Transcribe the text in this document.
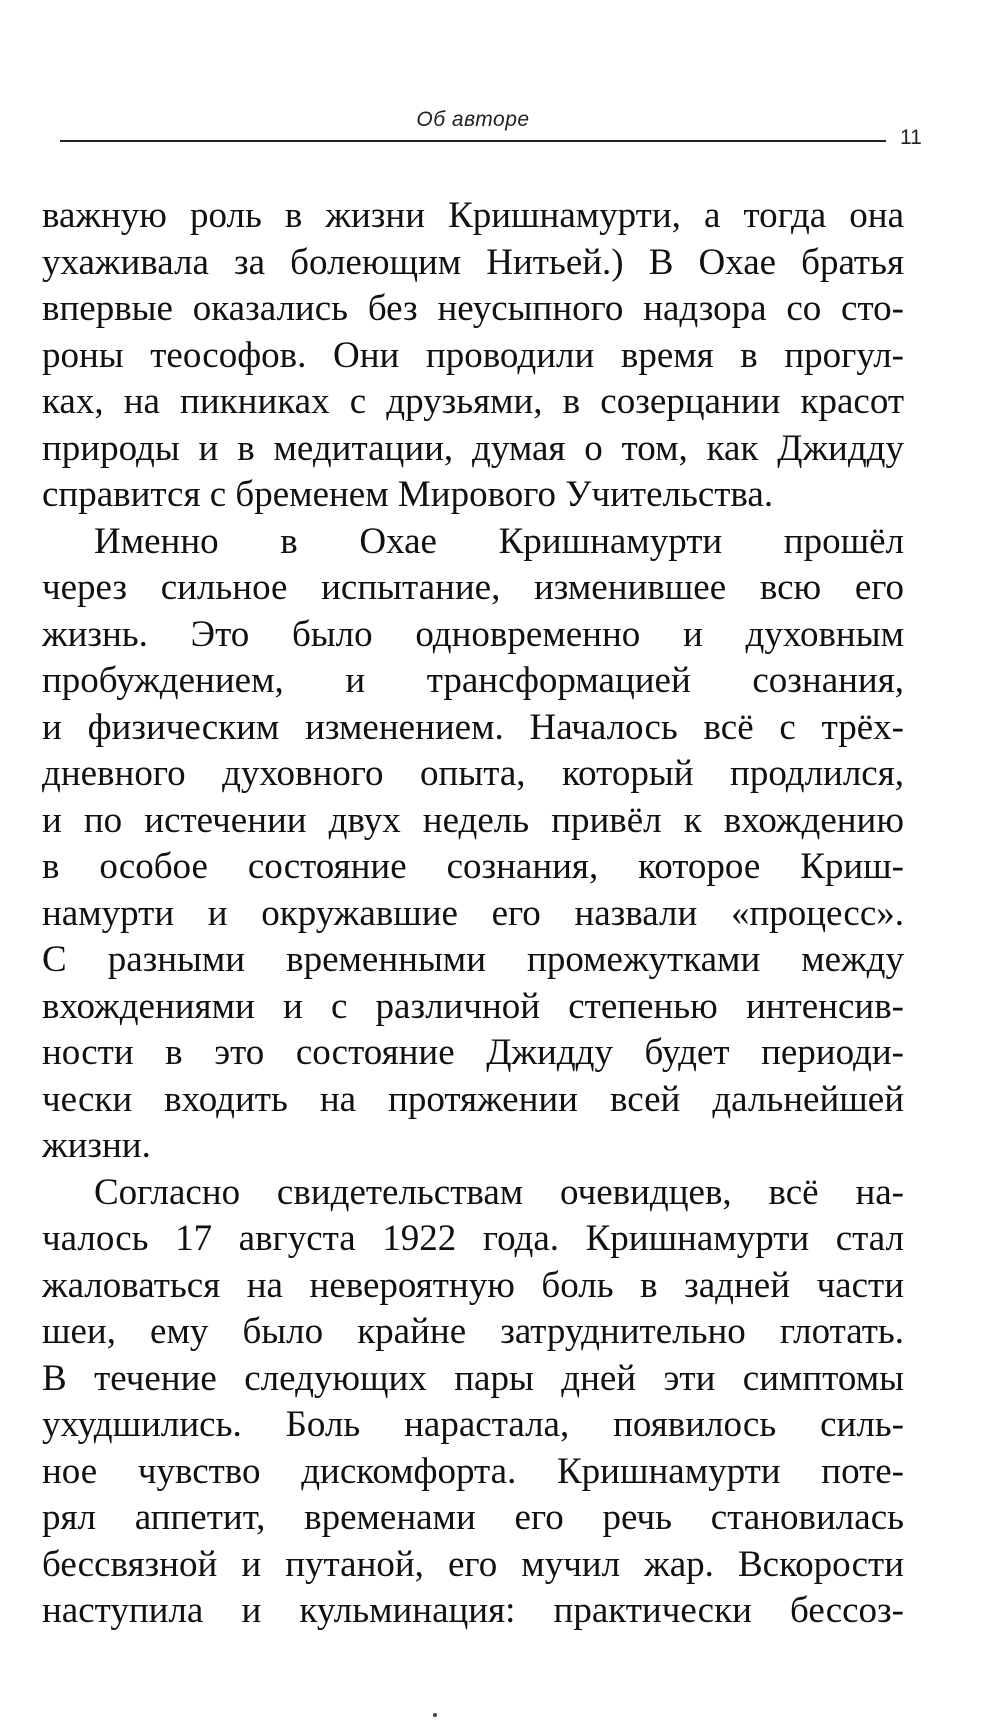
Об авторе
11
важную роль в жизни Кришнамурти, а тогда она
ухаживала за болеющим Нитьей.) В Охае братья
впервые оказались без неусыпного надзора со сто-
роны теософов. Они проводили время в прогул-
ках, на пикниках с друзьями, в созерцании красот
природы и в медитации, думая о том, как Джидду
справится с бременем Мирового Учительства.
Именно в Охае Кришнамурти прошёл
через сильное испытание, изменившее всю его
жизнь. Это было одновременно и духовным
пробуждением, и трансформацией сознания,
и физическим изменением. Началось всё с трёх-
дневного духовного опыта, который продлился,
и по истечении двух недель привёл к вхождению
в особое состояние сознания, которое Криш-
намурти и окружавшие его назвали «процесс».
С разными временными промежутками между
вхождениями и с различной степенью интенсив-
ности в это состояние Джидду будет периоди-
чески входить на протяжении всей дальнейшей
жизни.
Согласно свидетельствам очевидцев, всё на-
чалось 17 августа 1922 года. Кришнамурти стал
жаловаться на невероятную боль в задней части
шеи, ему было крайне затруднительно глотать.
В течение следующих пары дней эти симптомы
ухудшились. Боль нарастала, появилось силь-
ное чувство дискомфорта. Кришнамурти поте-
рял аппетит, временами его речь становилась
бессвязной и путаной, его мучил жар. Вскорости
наступила и кульминация: практически бессоз-
